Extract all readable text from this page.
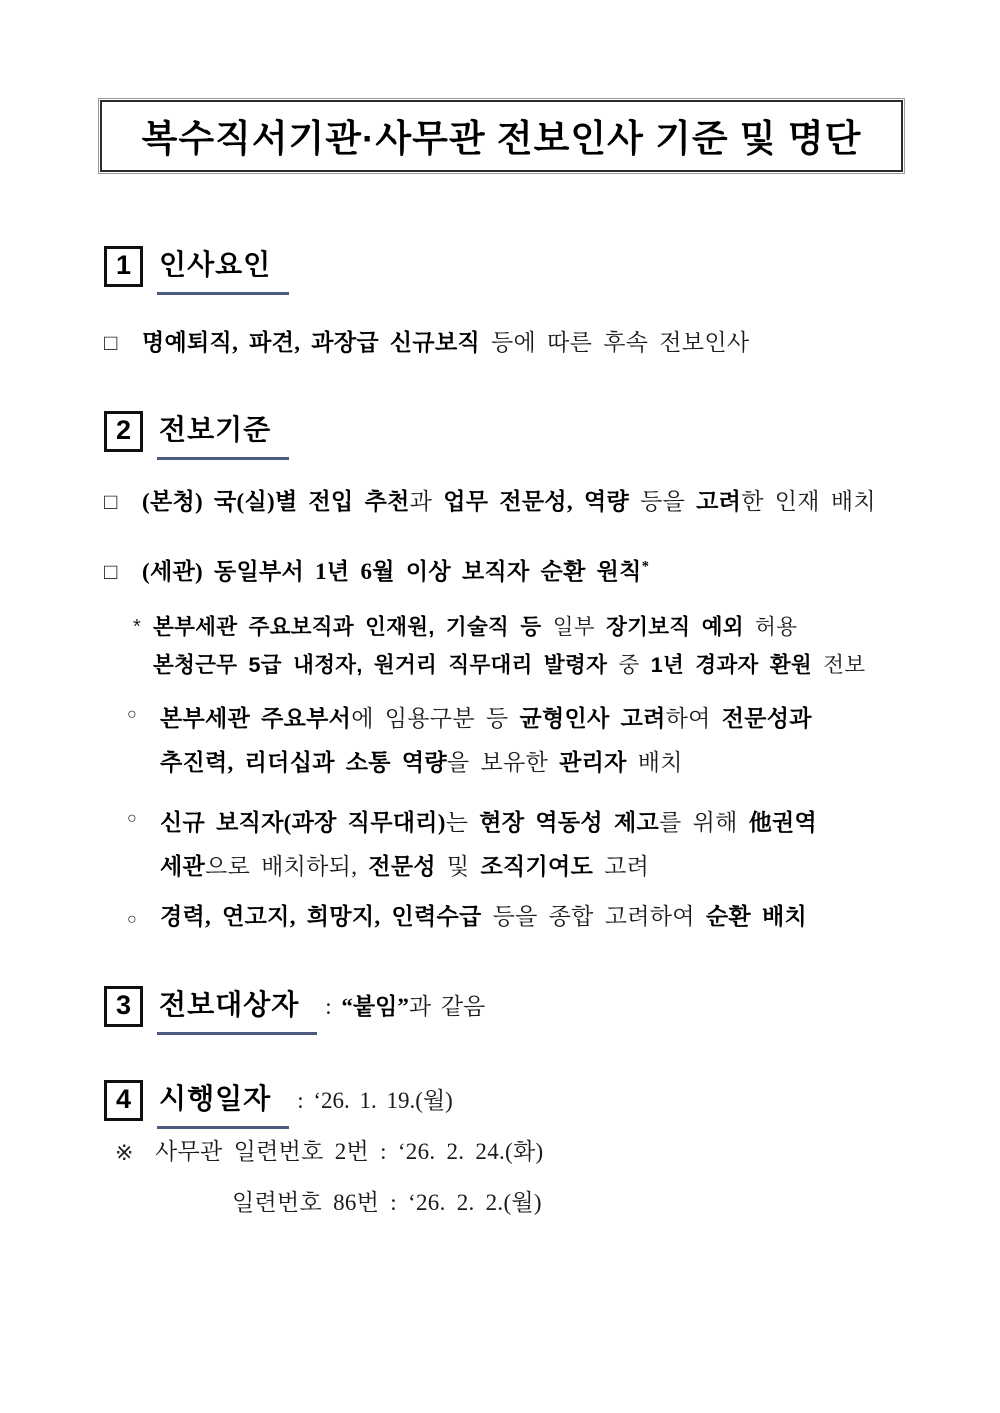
복수직서기관·사무관 전보인사 기준 및 명단
1	인사요인
□	명예퇴직, 파견, 과장급 신규보직 등에 따른 후속 전보인사
2	전보기준
□	(본청) 국(실)별 전입 추천과 업무 전문성, 역량 등을 고려한 인재 배치
□	(세관) 동일부서 1년 6월 이상 보직자 순환 원칙*
* 본부세관 주요보직과 인재원, 기술직 등 일부 장기보직 예외 허용
본청근무 5급 내정자, 원거리 직무대리 발령자 중 1년 경과자 환원 전보
○	본부세관 주요부서에 임용구분 등 균형인사 고려하여 전문성과
추진력, 리더십과 소통 역량을 보유한 관리자 배치
○	신규 보직자(과장 직무대리)는 현장 역동성 제고를 위해 他권역
세관으로 배치하되, 전문성 및 조직기여도 고려
○	경력, 연고지, 희망지, 인력수급 등을 종합 고려하여 순환 배치
3	전보대상자	: “붙임”과 같음
4	시행일자	: ‘26. 1. 19.(월)
※ 사무관 일련번호 2번 : ‘26. 2. 24.(화)
일련번호 86번 : ‘26. 2. 2.(월)
